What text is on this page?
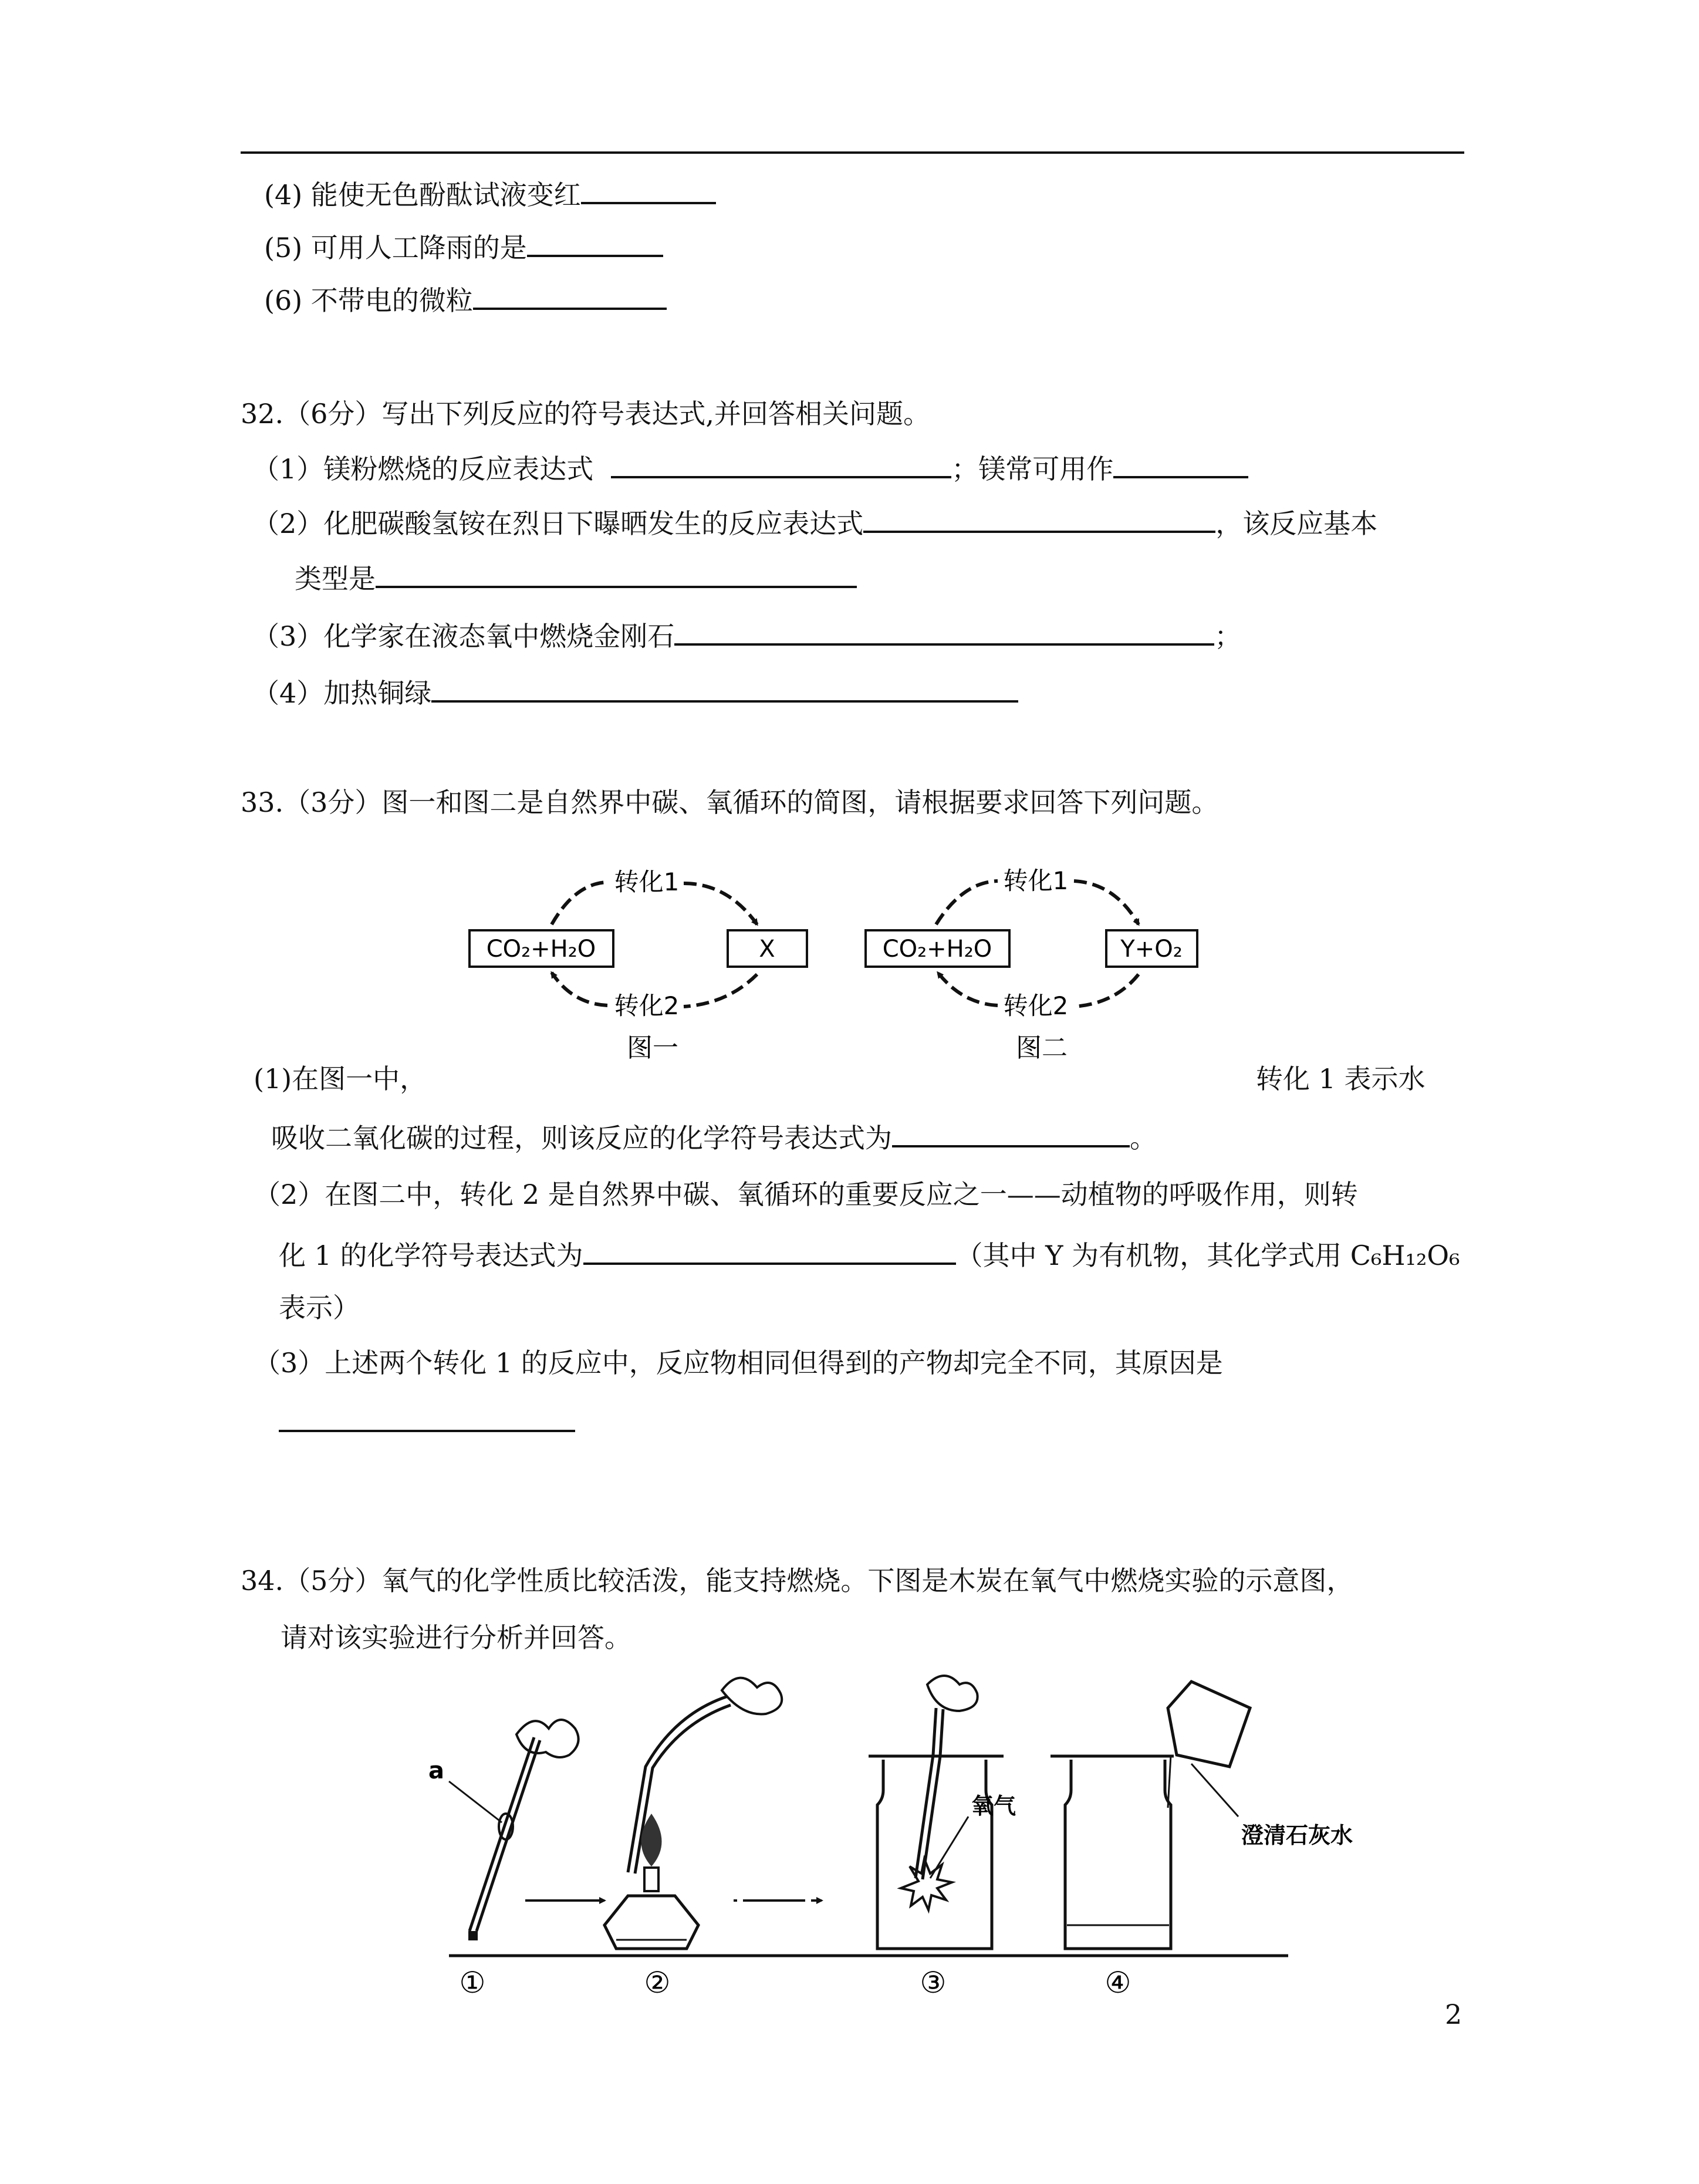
(4) 能使无色酚酞试液变红
(5) 可用人工降雨的是
(6) 不带电的微粒
32.（6分）写出下列反应的符号表达式,并回答相关问题。
（1）镁粉燃烧的反应表达式	；镁常可用作
（2）化肥碳酸氢铵在烈日下曝晒发生的反应表达式	，该反应基本
类型是
（3）化学家在液态氧中燃烧金刚石	；
（4）加热铜绿
33.（3分）图一和图二是自然界中碳、氧循环的简图，请根据要求回答下列问题。
CO₂+H₂O	X
转化1
转化2
图一
CO₂+H₂O	Y+O₂
转化1
转化2
图二
(1)在图一中，	转化 1 表示水
吸收二氧化碳的过程，则该反应的化学符号表达式为	。
（2）在图二中，转化 2 是自然界中碳、氧循环的重要反应之一——动植物的呼吸作用，则转
化 1 的化学符号表达式为	（其中 Y 为有机物，其化学式用 C₆H₁₂O₆
表示）
（3）上述两个转化 1 的反应中，反应物相同但得到的产物却完全不同，其原因是
34.（5分）氧气的化学性质比较活泼，能支持燃烧。下图是木炭在氧气中燃烧实验的示意图，
请对该实验进行分析并回答。
a
氧气
澄清石灰水
①	②	③	④
2
